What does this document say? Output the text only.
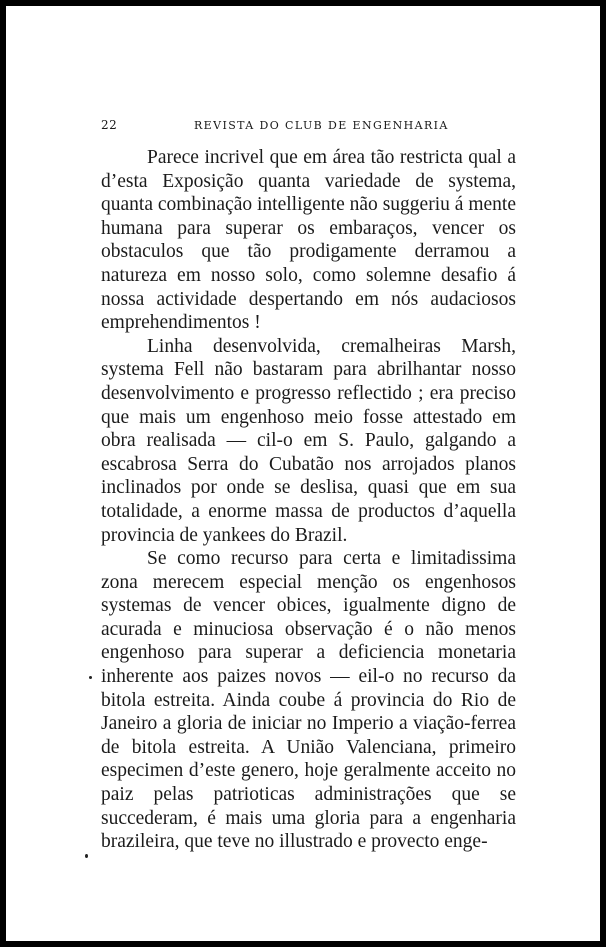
22	REVISTA DO CLUB DE ENGENHARIA

Parece incrivel que em área tão restricta qual a d’esta Exposição quanta variedade de systema, quanta combinação intelligente não suggeriu á mente humana para superar os embaraços, vencer os obstaculos que tão prodigamente derramou a natureza em nosso solo, como solemne desafio á nossa actividade despertando em nós audaciosos emprehendimentos !

Linha desenvolvida, cremalheiras Marsh, systema Fell não bastaram para abrilhantar nosso desenvolvimento e progresso reflectido ; era preciso que mais um engenhoso meio fosse attestado em obra realisada — cil-o em S. Paulo, galgando a escabrosa Serra do Cubatão nos arrojados planos inclinados por onde se deslisa, quasi que em sua totalidade, a enorme massa de productos d’aquella provincia de yankees do Brazil.

Se como recurso para certa e limitadissima zona merecem especial menção os engenhosos systemas de vencer obices, igualmente digno de acurada e minuciosa observação é o não menos engenhoso para superar a deficiencia monetaria inherente aos paizes novos — eil-o no recurso da bitola estreita. Ainda coube á provincia do Rio de Janeiro a gloria de iniciar no Imperio a viação-ferrea de bitola estreita. A União Valenciana, primeiro especimen d’este genero, hoje geralmente acceito no paiz pelas patrioticas administrações que se succederam, é mais uma gloria para a engenharia brazileira, que teve no illustrado e provecto enge-
